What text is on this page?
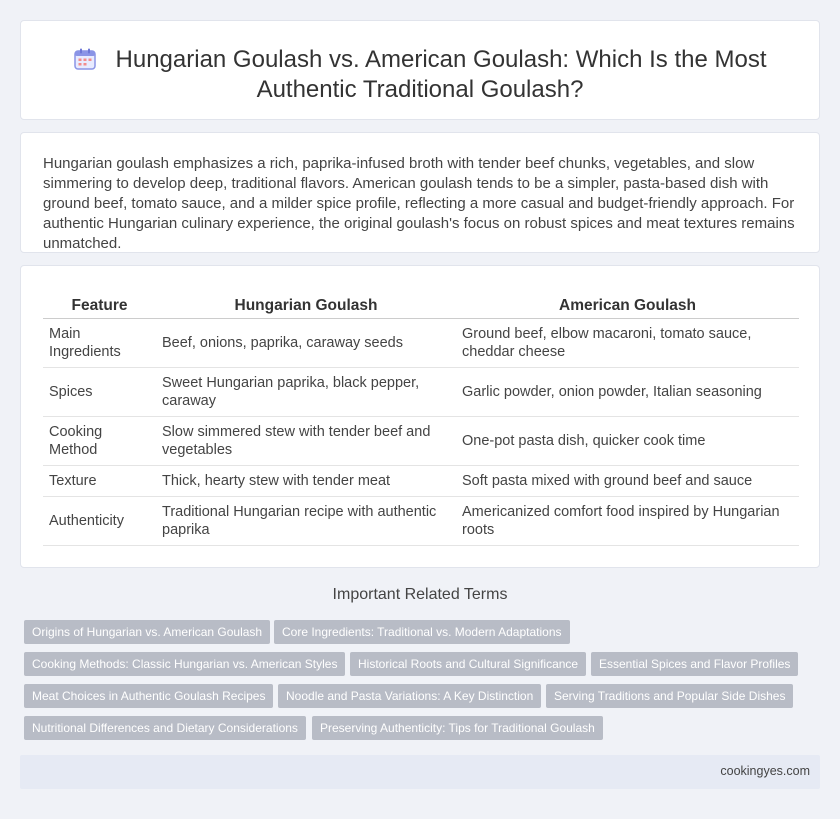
Hungarian Goulash vs. American Goulash: Which Is the Most Authentic Traditional Goulash?

Hungarian goulash emphasizes a rich, paprika-infused broth with tender beef chunks, vegetables, and slow simmering to develop deep, traditional flavors. American goulash tends to be a simpler, pasta-based dish with ground beef, tomato sauce, and a milder spice profile, reflecting a more casual and budget-friendly approach. For authentic Hungarian culinary experience, the original goulash's focus on robust spices and meat textures remains unmatched.

Feature	Hungarian Goulash	American Goulash
Main Ingredients	Beef, onions, paprika, caraway seeds	Ground beef, elbow macaroni, tomato sauce, cheddar cheese
Spices	Sweet Hungarian paprika, black pepper, caraway	Garlic powder, onion powder, Italian seasoning
Cooking Method	Slow simmered stew with tender beef and vegetables	One-pot pasta dish, quicker cook time
Texture	Thick, hearty stew with tender meat	Soft pasta mixed with ground beef and sauce
Authenticity	Traditional Hungarian recipe with authentic paprika	Americanized comfort food inspired by Hungarian roots
Important Related Terms
Origins of Hungarian vs. American Goulash	Core Ingredients: Traditional vs. Modern Adaptations
Cooking Methods: Classic Hungarian vs. American Styles	Historical Roots and Cultural Significance	Essential Spices and Flavor Profiles
Meat Choices in Authentic Goulash Recipes	Noodle and Pasta Variations: A Key Distinction	Serving Traditions and Popular Side Dishes
Nutritional Differences and Dietary Considerations	Preserving Authenticity: Tips for Traditional Goulash
cookingyes.com
